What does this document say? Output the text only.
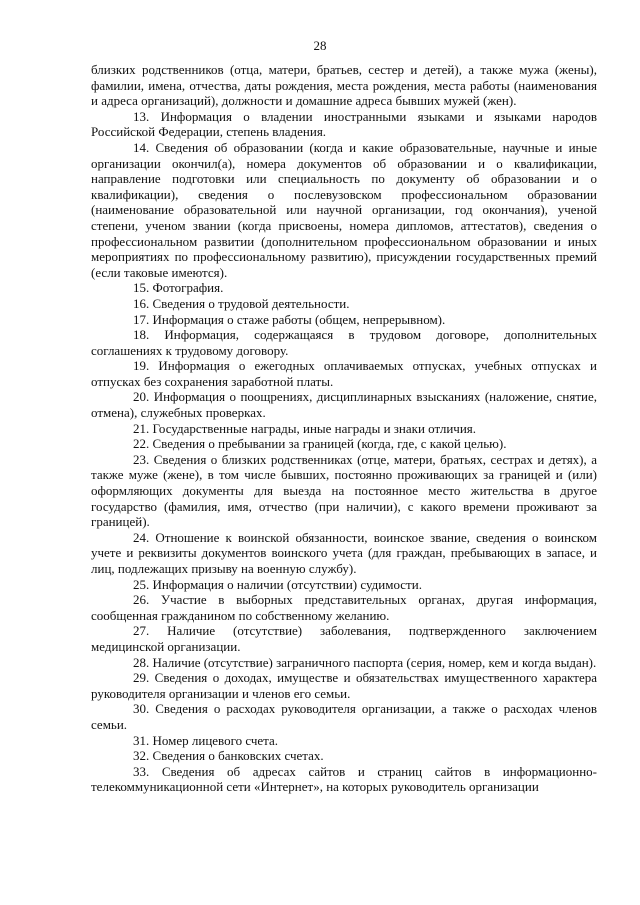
28

близких родственников (отца, матери, братьев, сестер и детей), а также мужа (жены), фамилии, имена, отчества, даты рождения, места рождения, места работы (наименования и адреса организаций), должности и домашние адреса бывших мужей (жен).

13. Информация о владении иностранными языками и языками народов Российской Федерации, степень владения.

14. Сведения об образовании (когда и какие образовательные, научные и иные организации окончил(а), номера документов об образовании и о квалификации, направление подготовки или специальность по документу об образовании и о квалификации), сведения о послевузовском профессиональном образовании (наименование образовательной или научной организации, год окончания), ученой степени, ученом звании (когда присвоены, номера дипломов, аттестатов), сведения о профессиональном развитии (дополнительном профессиональном образовании и иных мероприятиях по профессиональному развитию), присуждении государственных премий (если таковые имеются).

15. Фотография.

16. Сведения о трудовой деятельности.

17. Информация о стаже работы (общем, непрерывном).

18. Информация, содержащаяся в трудовом договоре, дополнительных соглашениях к трудовому договору.

19. Информация о ежегодных оплачиваемых отпусках, учебных отпусках и отпусках без сохранения заработной платы.

20. Информация о поощрениях, дисциплинарных взысканиях (наложение, снятие, отмена), служебных проверках.

21. Государственные награды, иные награды и знаки отличия.

22. Сведения о пребывании за границей (когда, где, с какой целью).

23. Сведения о близких родственниках (отце, матери, братьях, сестрах и детях), а также муже (жене), в том числе бывших, постоянно проживающих за границей и (или) оформляющих документы для выезда на постоянное место жительства в другое государство (фамилия, имя, отчество (при наличии), с какого времени проживают за границей).

24. Отношение к воинской обязанности, воинское звание, сведения о воинском учете и реквизиты документов воинского учета (для граждан, пребывающих в запасе, и лиц, подлежащих призыву на военную службу).

25. Информация о наличии (отсутствии) судимости.

26. Участие в выборных представительных органах, другая информация, сообщенная гражданином по собственному желанию.

27. Наличие (отсутствие) заболевания, подтвержденного заключением медицинской организации.

28. Наличие (отсутствие) заграничного паспорта (серия, номер, кем и когда выдан).

29. Сведения о доходах, имуществе и обязательствах имущественного характера руководителя организации и членов его семьи.

30. Сведения о расходах руководителя организации, а также о расходах членов семьи.

31. Номер лицевого счета.

32. Сведения о банковских счетах.

33. Сведения об адресах сайтов и страниц сайтов в информационно-телекоммуникационной сети «Интернет», на которых руководитель организации
